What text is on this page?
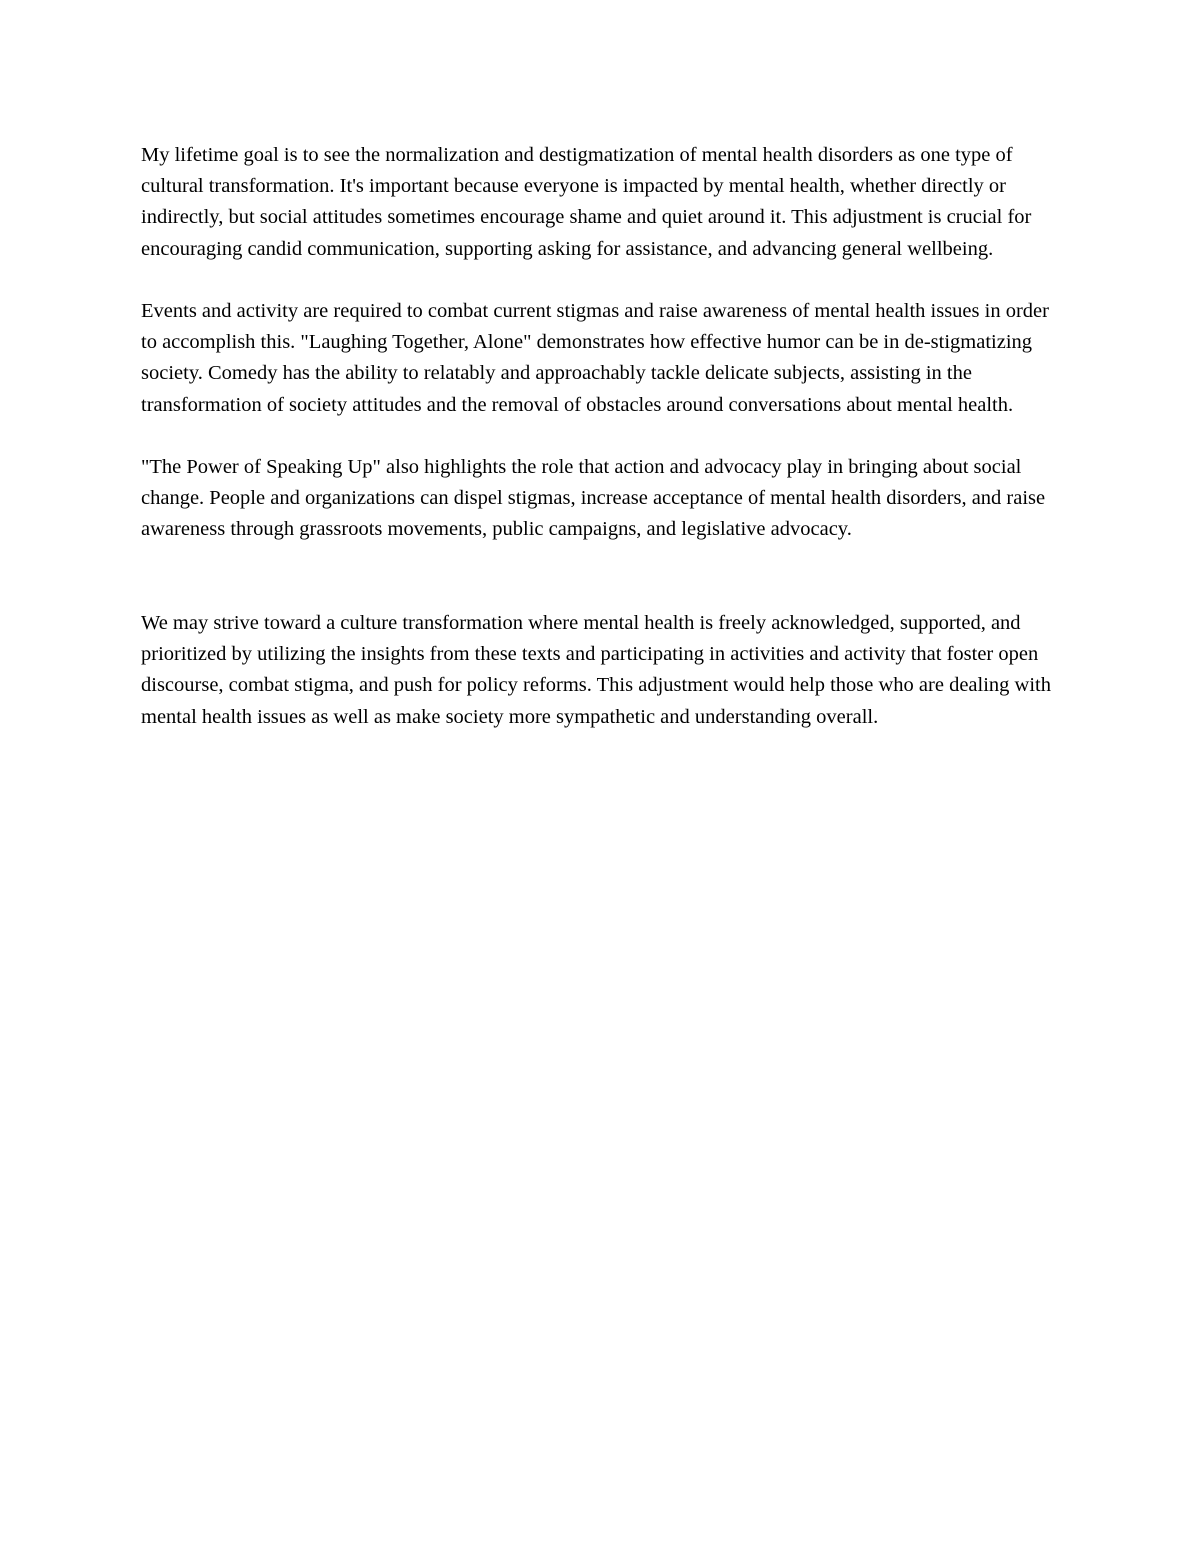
My lifetime goal is to see the normalization and destigmatization of mental health disorders as one type of cultural transformation. It's important because everyone is impacted by mental health, whether directly or indirectly, but social attitudes sometimes encourage shame and quiet around it. This adjustment is crucial for encouraging candid communication, supporting asking for assistance, and advancing general wellbeing.

Events and activity are required to combat current stigmas and raise awareness of mental health issues in order to accomplish this. "Laughing Together, Alone" demonstrates how effective humor can be in de-stigmatizing society. Comedy has the ability to relatably and approachably tackle delicate subjects, assisting in the transformation of society attitudes and the removal of obstacles around conversations about mental health.

"The Power of Speaking Up" also highlights the role that action and advocacy play in bringing about social change. People and organizations can dispel stigmas, increase acceptance of mental health disorders, and raise awareness through grassroots movements, public campaigns, and legislative advocacy.

We may strive toward a culture transformation where mental health is freely acknowledged, supported, and prioritized by utilizing the insights from these texts and participating in activities and activity that foster open discourse, combat stigma, and push for policy reforms. This adjustment would help those who are dealing with mental health issues as well as make society more sympathetic and understanding overall.
